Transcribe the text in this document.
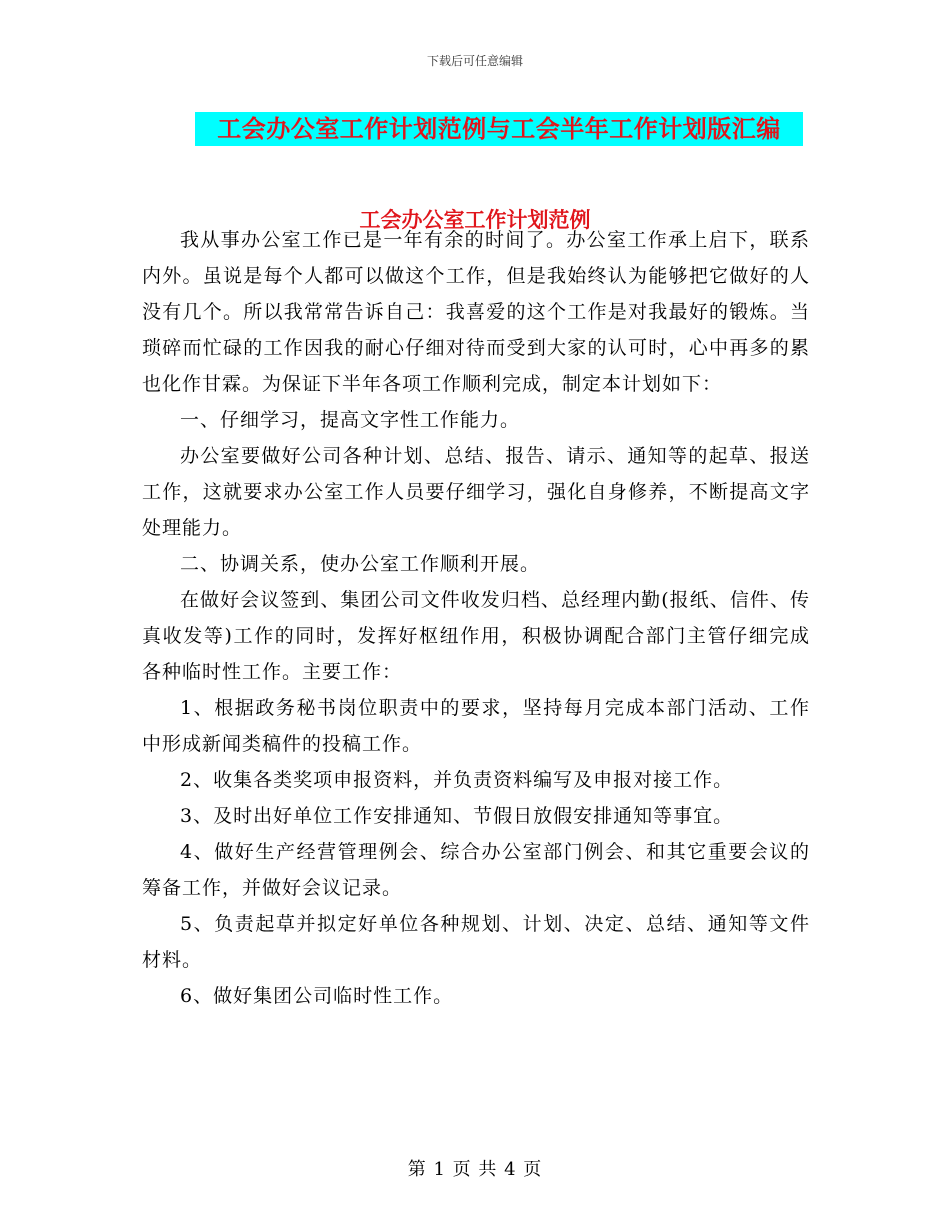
下载后可任意编辑
工会办公室工作计划范例与工会半年工作计划版汇编
工会办公室工作计划范例

我从事办公室工作已是一年有余的时间了。办公室工作承上启下，联系内外。虽说是每个人都可以做这个工作，但是我始终认为能够把它做好的人没有几个。所以我常常告诉自己：我喜爱的这个工作是对我最好的锻炼。当琐碎而忙碌的工作因我的耐心仔细对待而受到大家的认可时，心中再多的累也化作甘霖。为保证下半年各项工作顺利完成，制定本计划如下：

一、仔细学习，提高文字性工作能力。

办公室要做好公司各种计划、总结、报告、请示、通知等的起草、报送工作，这就要求办公室工作人员要仔细学习，强化自身修养，不断提高文字处理能力。

二、协调关系，使办公室工作顺利开展。

在做好会议签到、集团公司文件收发归档、总经理内勤(报纸、信件、传真收发等)工作的同时，发挥好枢纽作用，积极协调配合部门主管仔细完成各种临时性工作。主要工作：

1、根据政务秘书岗位职责中的要求，坚持每月完成本部门活动、工作中形成新闻类稿件的投稿工作。

2、收集各类奖项申报资料，并负责资料编写及申报对接工作。

3、及时出好单位工作安排通知、节假日放假安排通知等事宜。

4、做好生产经营管理例会、综合办公室部门例会、和其它重要会议的筹备工作，并做好会议记录。

5、负责起草并拟定好单位各种规划、计划、决定、总结、通知等文件材料。

6、做好集团公司临时性工作。

第 1 页 共 4 页
